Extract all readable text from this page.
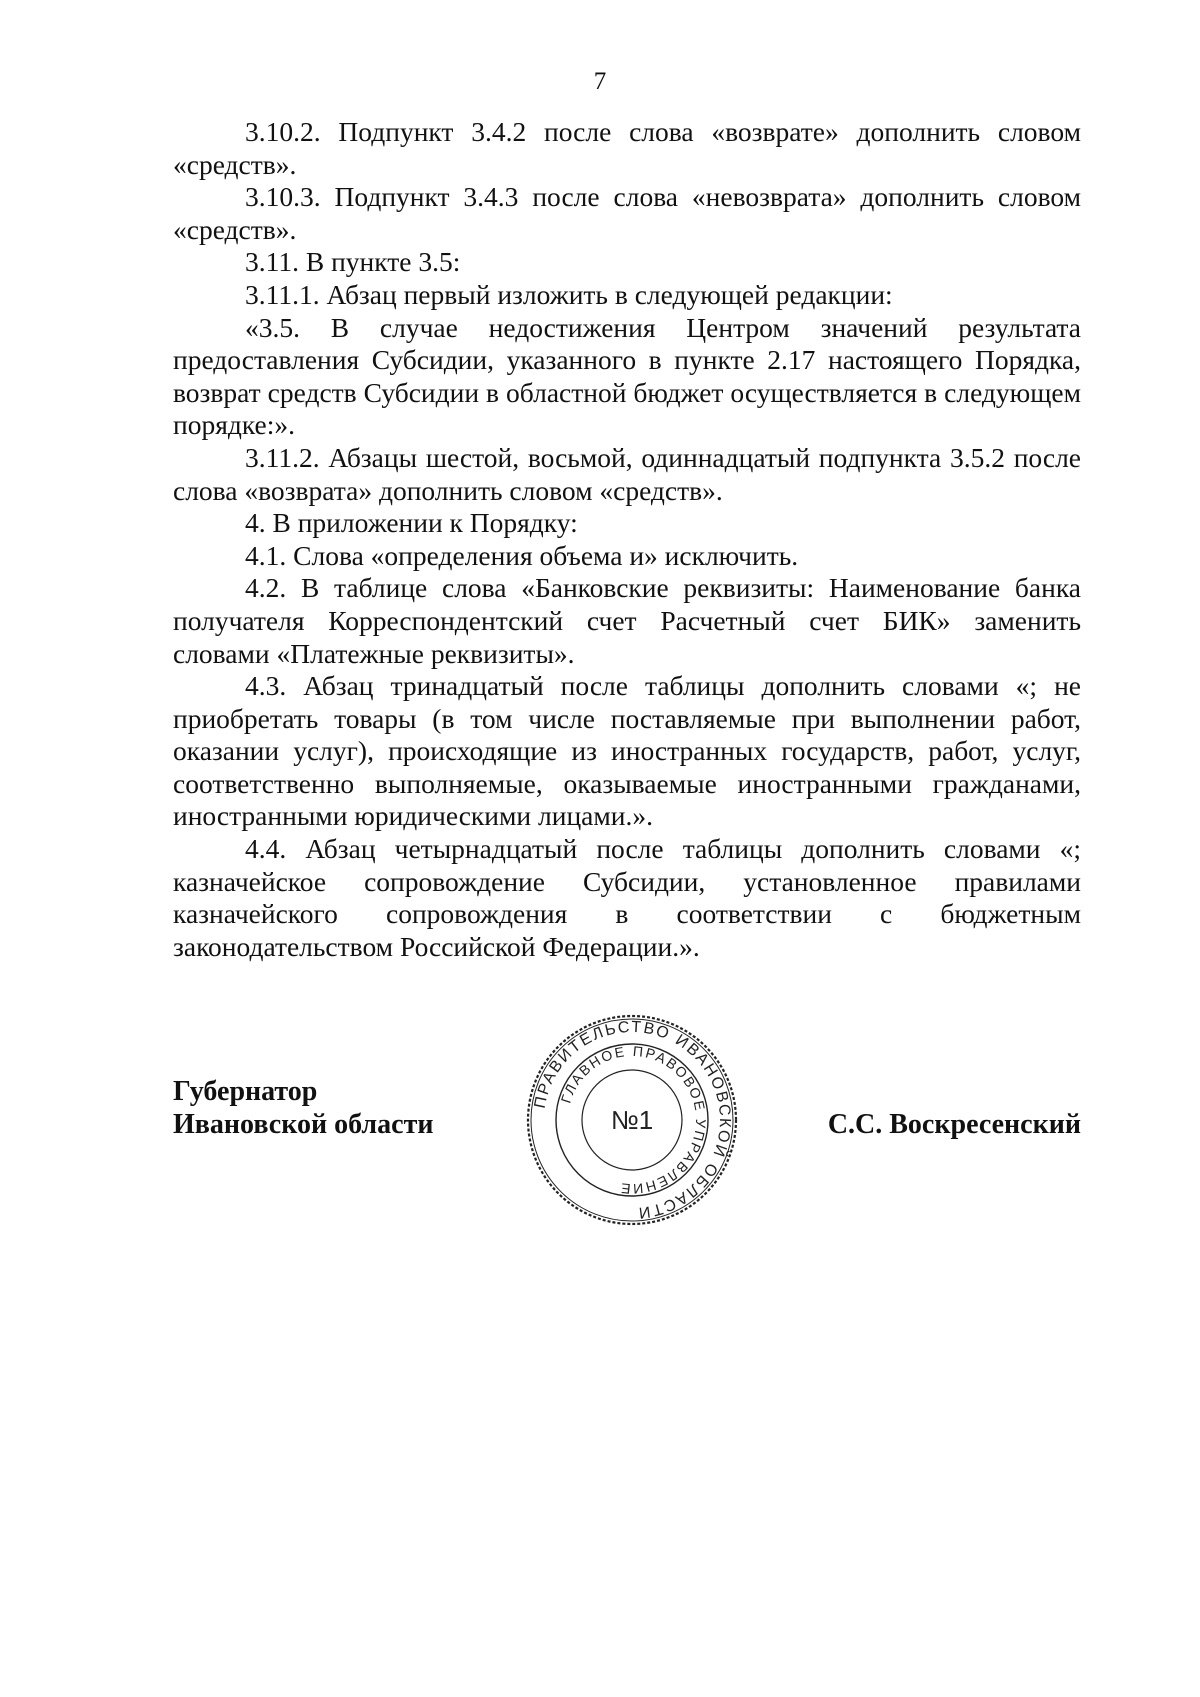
7

3.10.2. Подпункт 3.4.2 после слова «возврате» дополнить словом «средств».

3.10.3. Подпункт 3.4.3 после слова «невозврата» дополнить словом «средств».

3.11. В пункте 3.5:

3.11.1. Абзац первый изложить в следующей редакции:

«3.5. В случае недостижения Центром значений результата предоставления Субсидии, указанного в пункте 2.17 настоящего Порядка, возврат средств Субсидии в областной бюджет осуществляется в следующем порядке:».

3.11.2. Абзацы шестой, восьмой, одиннадцатый подпункта 3.5.2 после слова «возврата» дополнить словом «средств».

4. В приложении к Порядку:

4.1. Слова «определения объема и» исключить.

4.2. В таблице слова «Банковские реквизиты: Наименование банка получателя Корреспондентский счет Расчетный счет БИК» заменить словами «Платежные реквизиты».

4.3. Абзац тринадцатый после таблицы дополнить словами «; не приобретать товары (в том числе поставляемые при выполнении работ, оказании услуг), происходящие из иностранных государств, работ, услуг, соответственно выполняемые, оказываемые иностранными гражданами, иностранными юридическими лицами.».

4.4. Абзац четырнадцатый после таблицы дополнить словами «; казначейское сопровождение Субсидии, установленное правилами казначейского сопровождения в соответствии с бюджетным законодательством Российской Федерации.».

Губернатор
Ивановской области	С.С. Воскресенский
ПРАВИТЕЛЬСТВО ИВАНОВСКОЙ ОБЛАСТИ
ГЛАВНОЕ ПРАВОВОЕ УПРАВЛЕНИЕ
№1
